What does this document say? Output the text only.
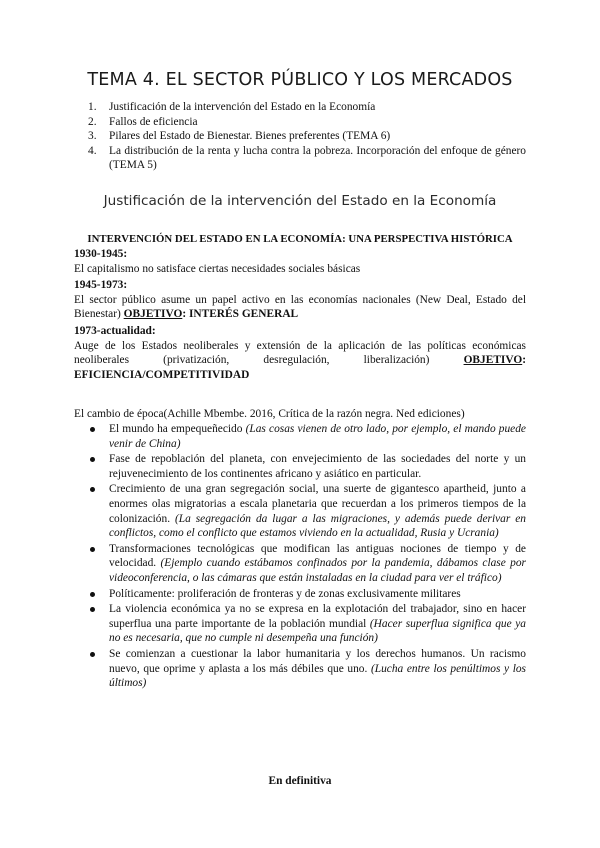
TEMA 4. EL SECTOR PÚBLICO Y LOS MERCADOS
1. Justificación de la intervención del Estado en la Economía
2. Fallos de eficiencia
3. Pilares del Estado de Bienestar. Bienes preferentes (TEMA 6)
4. La distribución de la renta y lucha contra la pobreza. Incorporación del enfoque de género (TEMA 5)
Justificación de la intervención del Estado en la Economía

INTERVENCIÓN DEL ESTADO EN LA ECONOMÍA: UNA PERSPECTIVA HISTÓRICA

1930-1945:
El capitalismo no satisface ciertas necesidades sociales básicas
1945-1973:
El sector público asume un papel activo en las economías nacionales (New Deal, Estado del Bienestar) OBJETIVO: INTERÉS GENERAL
1973-actualidad:
Auge de los Estados neoliberales y extensión de la aplicación de las políticas económicas
neoliberales (privatización, desregulación, liberalización)	OBJETIVO:
EFICIENCIA/COMPETITIVIDAD

El cambio de época(Achille Mbembe. 2016, Crítica de la razón negra. Ned ediciones)

El mundo ha empequeñecido (Las cosas vienen de otro lado, por ejemplo, el mando puede venir de China)
Fase de repoblación del planeta, con envejecimiento de las sociedades del norte y un rejuvenecimiento de los continentes africano y asiático en particular.
Crecimiento de una gran segregación social, una suerte de gigantesco apartheid, junto a enormes olas migratorias a escala planetaria que recuerdan a los primeros tiempos de la colonización. (La segregación da lugar a las migraciones, y además puede derivar en conflictos, como el conflicto que estamos viviendo en la actualidad, Rusia y Ucrania)
Transformaciones tecnológicas que modifican las antiguas nociones de tiempo y de velocidad. (Ejemplo cuando estábamos confinados por la pandemia, dábamos clase por videoconferencia, o las cámaras que están instaladas en la ciudad para ver el tráfico)
Políticamente: proliferación de fronteras y de zonas exclusivamente militares
La violencia económica ya no se expresa en la explotación del trabajador, sino en hacer superflua una parte importante de la población mundial (Hacer superflua significa que ya no es necesaria, que no cumple ni desempeña una función)
Se comienzan a cuestionar la labor humanitaria y los derechos humanos. Un racismo nuevo, que oprime y aplasta a los más débiles que uno. (Lucha entre los penúltimos y los últimos)

En definitiva
